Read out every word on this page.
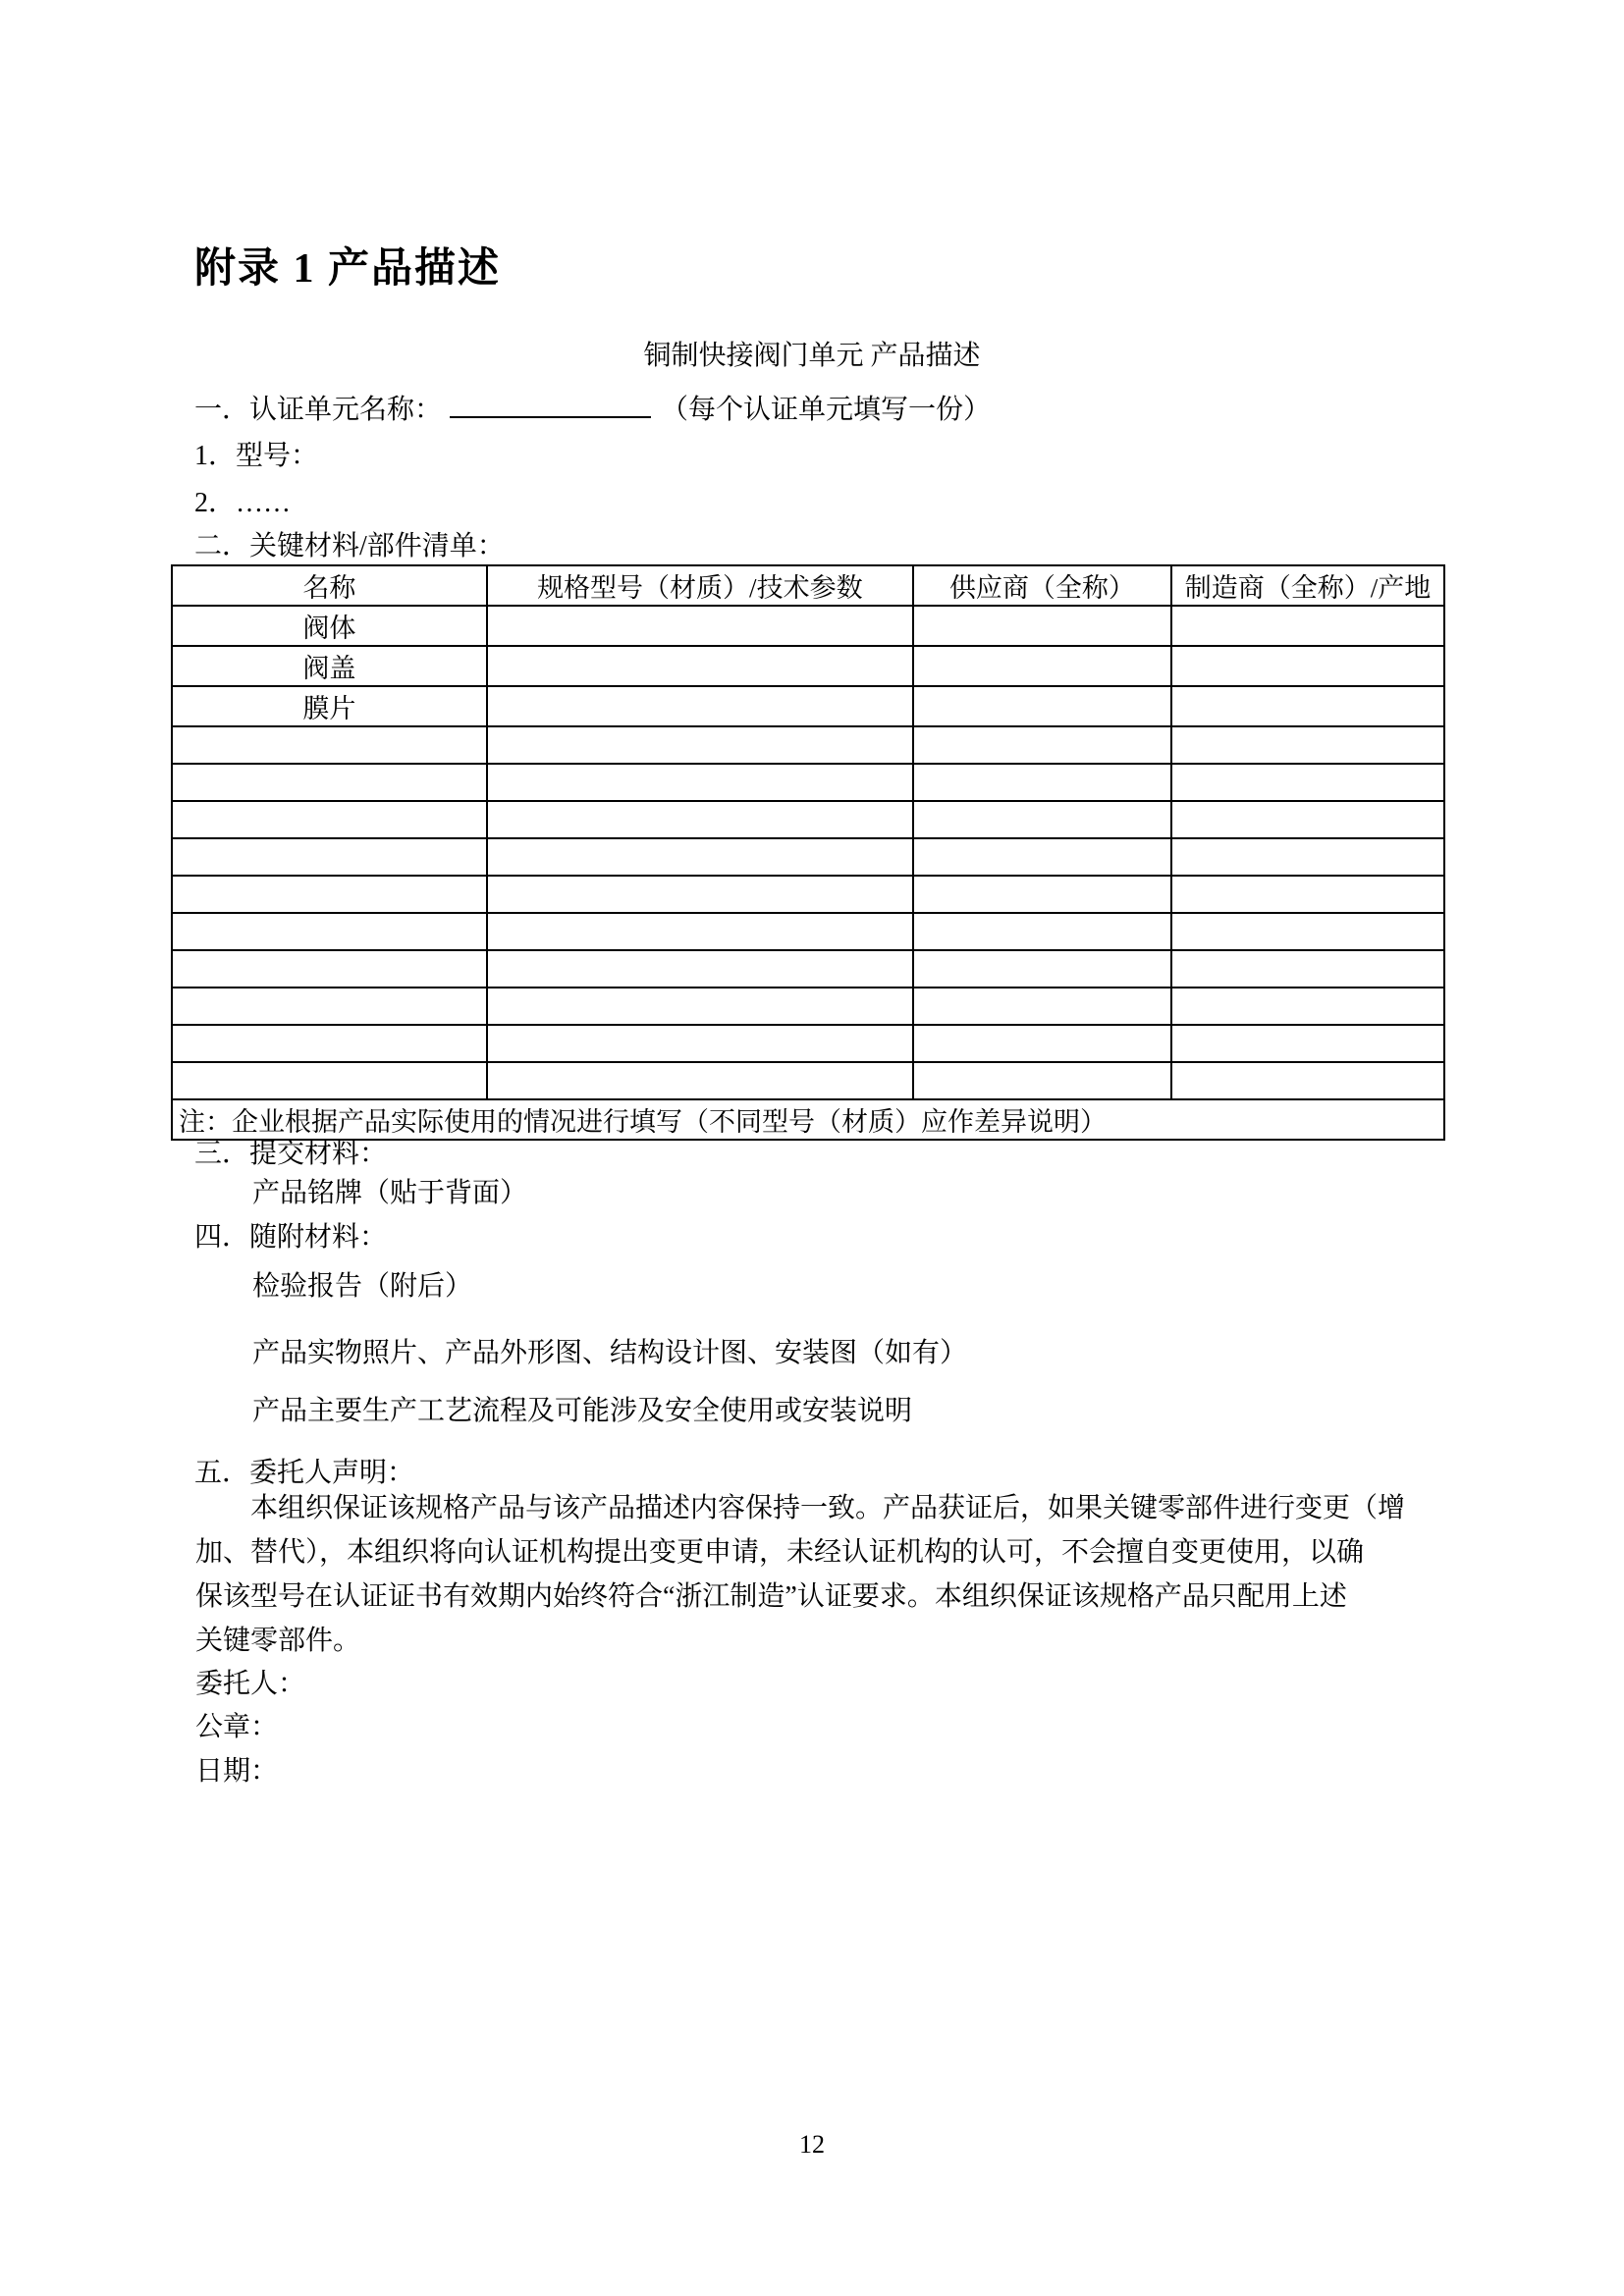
附录 1 产品描述
铜制快接阀门单元 产品描述
一．认证单元名称：	（每个认证单元填写一份）
1．型号：
2．……
二．关键材料/部件清单：
名称	规格型号（材质）/技术参数	供应商（全称）	制造商（全称）/产地
阀体			
阀盖			
膜片			

注：企业根据产品实际使用的情况进行填写（不同型号（材质）应作差异说明）			
三．提交材料：
产品铭牌（贴于背面）
四．随附材料：
检验报告（附后）
产品实物照片、产品外形图、结构设计图、安装图（如有）
产品主要生产工艺流程及可能涉及安全使用或安装说明
五．委托人声明：
本组织保证该规格产品与该产品描述内容保持一致。产品获证后，如果关键零部件进行变更（增
加、替代），本组织将向认证机构提出变更申请，未经认证机构的认可，不会擅自变更使用，以确
保该型号在认证证书有效期内始终符合“浙江制造”认证要求。本组织保证该规格产品只配用上述
关键零部件。
委托人：
公章：
日期：
12
